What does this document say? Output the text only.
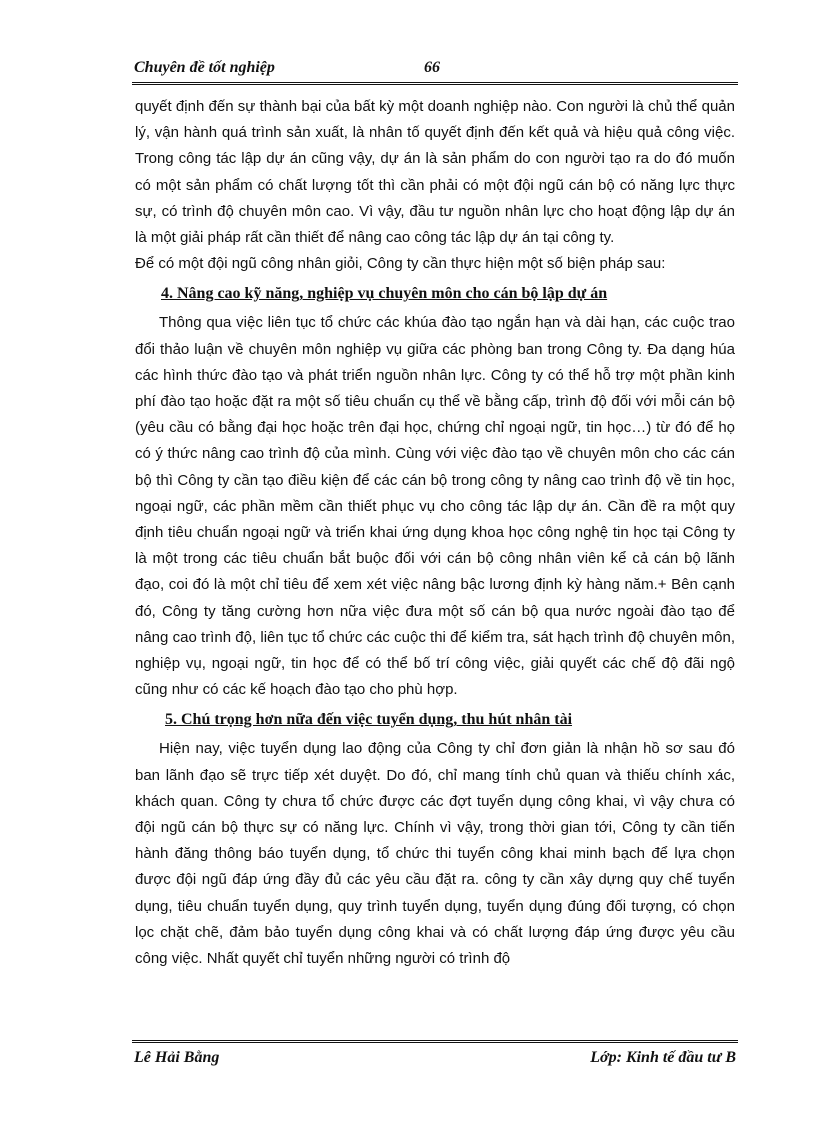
Chuyên đề tốt nghiệp	66

quyết định đến sự thành bại của bất kỳ một doanh nghiệp nào. Con người là chủ thể quản lý, vận hành quá trình sản xuất, là nhân tố quyết định đến kết quả và hiệu quả công việc. Trong công tác lập dự án cũng vậy, dự án là sản phẩm do con người tạo ra do đó muốn có một sản phẩm có chất lượng tốt thì cần phải có một đội ngũ cán bộ có năng lực thực sự, có trình độ chuyên môn cao. Vì vậy, đầu tư nguồn nhân lực cho hoạt động lập dự án là một giải pháp rất cần thiết để nâng cao công tác lập dự án tại công ty.

Để có một đội ngũ công nhân giỏi, Công ty cần thực hiện một số biện pháp sau:

4. Nâng cao kỹ năng, nghiệp vụ chuyên môn cho cán bộ lập dự án

Thông qua việc liên tục tổ chức các khúa đào tạo ngắn hạn và dài hạn, các cuộc trao đổi thảo luận về chuyên môn nghiệp vụ giữa các phòng ban trong Công ty. Đa dạng húa các hình thức đào tạo và phát triển nguồn nhân lực. Công ty có thể hỗ trợ một phần kinh phí đào tạo hoặc đặt ra một số tiêu chuẩn cụ thể về bằng cấp, trình độ đối với mỗi cán bộ (yêu cầu có bằng đại học hoặc trên đại học, chứng chỉ ngoại ngữ, tin học…) từ đó để họ có ý thức nâng cao trình độ của mình. Cùng với việc đào tạo về chuyên môn cho các cán bộ thì Công ty cần tạo điều kiện để các cán bộ trong công ty nâng cao trình độ về tin học, ngoại ngữ, các phần mềm cần thiết phục vụ cho công tác lập dự án. Cần đề ra một quy định tiêu chuẩn ngoại ngữ và triển khai ứng dụng khoa học công nghệ tin học tại Công ty là một trong các tiêu chuẩn bắt buộc đối với cán bộ công nhân viên kể cả cán bộ lãnh đạo, coi đó là một chỉ tiêu để xem xét việc nâng bậc lương định kỳ hàng năm.+ Bên cạnh đó, Công ty tăng cường hơn nữa việc đưa một số cán bộ qua nước ngoài đào tạo để nâng cao trình độ, liên tục tổ chức các cuộc thi để kiểm tra, sát hạch trình độ chuyên môn, nghiệp vụ, ngoại ngữ, tin học để có thể bố trí công việc, giải quyết các chế độ đãi ngộ cũng như có các kế hoạch đào tạo cho phù hợp.

5. Chú trọng hơn nữa đến việc tuyển dụng, thu hút nhân tài

Hiện nay, việc tuyển dụng lao động của Công ty chỉ đơn giản là nhận hồ sơ sau đó ban lãnh đạo sẽ trực tiếp xét duyệt. Do đó, chỉ mang tính chủ quan và thiếu chính xác, khách quan. Công ty chưa tổ chức được các đợt tuyển dụng công khai, vì vậy chưa có đội ngũ cán bộ thực sự có năng lực. Chính vì vậy, trong thời gian tới, Công ty cần tiến hành đăng thông báo tuyển dụng, tổ chức thi tuyển công khai minh bạch để lựa chọn được đội ngũ đáp ứng đầy đủ các yêu cầu đặt ra. công ty cần xây dựng quy chế tuyển dụng, tiêu chuẩn tuyển dụng, quy trình tuyển dụng, tuyển dụng đúng đối tượng, có chọn lọc chặt chẽ, đảm bảo tuyển dụng công khai và có chất lượng đáp ứng được yêu cầu công việc. Nhất quyết chỉ tuyển những người có trình độ

Lê Hải Bằng	Lớp: Kinh tế đầu tư B
